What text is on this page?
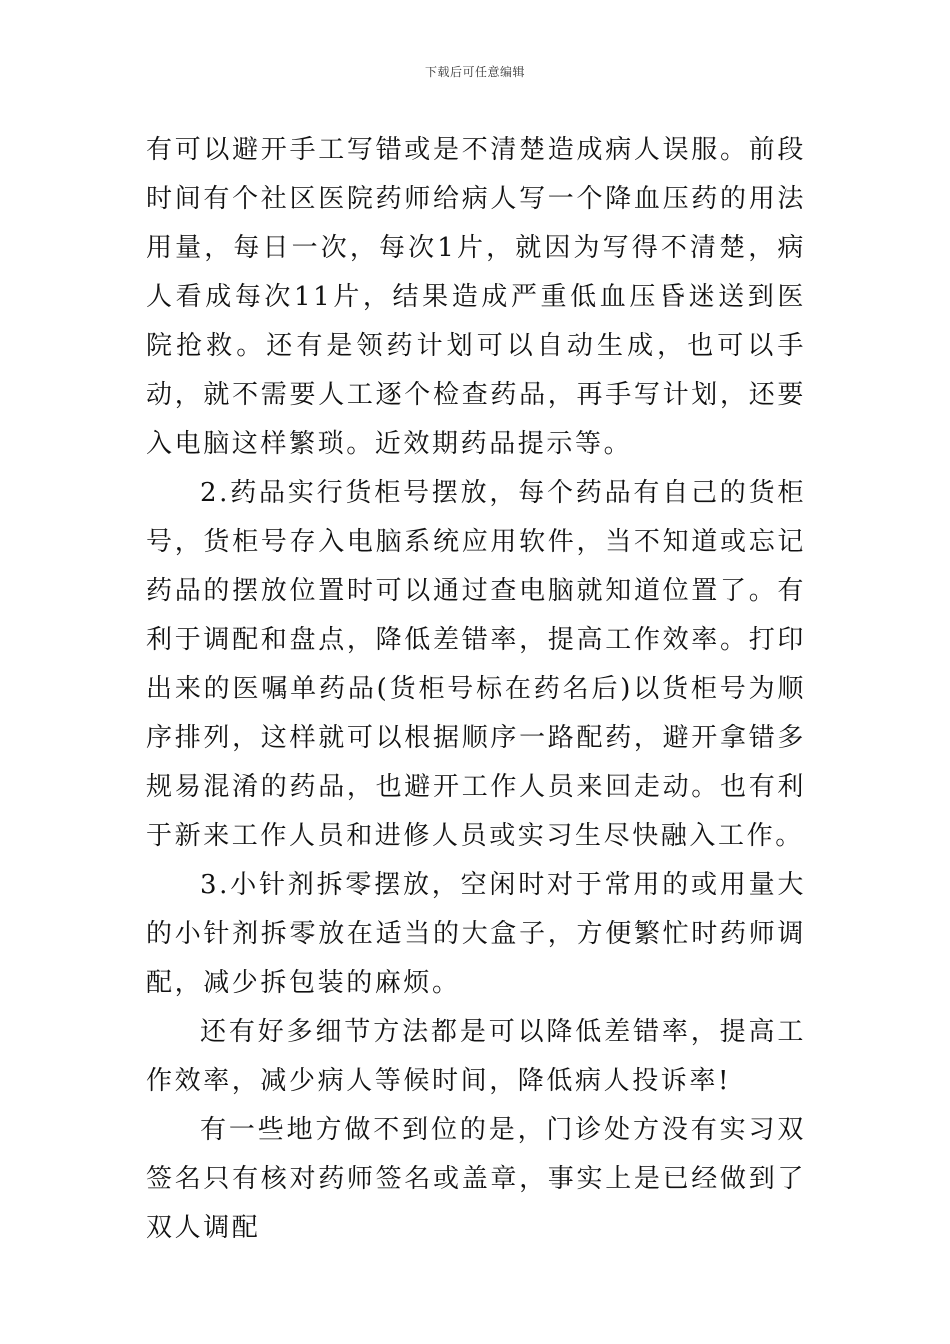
下载后可任意编辑

有可以避开手工写错或是不清楚造成病人误服。前段时间有个社区医院药师给病人写一个降血压药的用法用量，每日一次，每次1片，就因为写得不清楚，病人看成每次11片，结果造成严重低血压昏迷送到医院抢救。还有是领药计划可以自动生成，也可以手动，就不需要人工逐个检查药品，再手写计划，还要入电脑这样繁琐。近效期药品提示等。

2.药品实行货柜号摆放，每个药品有自己的货柜号，货柜号存入电脑系统应用软件，当不知道或忘记药品的摆放位置时可以通过查电脑就知道位置了。有利于调配和盘点，降低差错率，提高工作效率。打印出来的医嘱单药品(货柜号标在药名后)以货柜号为顺序排列，这样就可以根据顺序一路配药，避开拿错多规易混淆的药品，也避开工作人员来回走动。也有利于新来工作人员和进修人员或实习生尽快融入工作。

3.小针剂拆零摆放，空闲时对于常用的或用量大的小针剂拆零放在适当的大盒子，方便繁忙时药师调配，减少拆包装的麻烦。

还有好多细节方法都是可以降低差错率，提高工作效率，减少病人等候时间，降低病人投诉率!

有一些地方做不到位的是，门诊处方没有实习双签名只有核对药师签名或盖章，事实上是已经做到了双人调配
